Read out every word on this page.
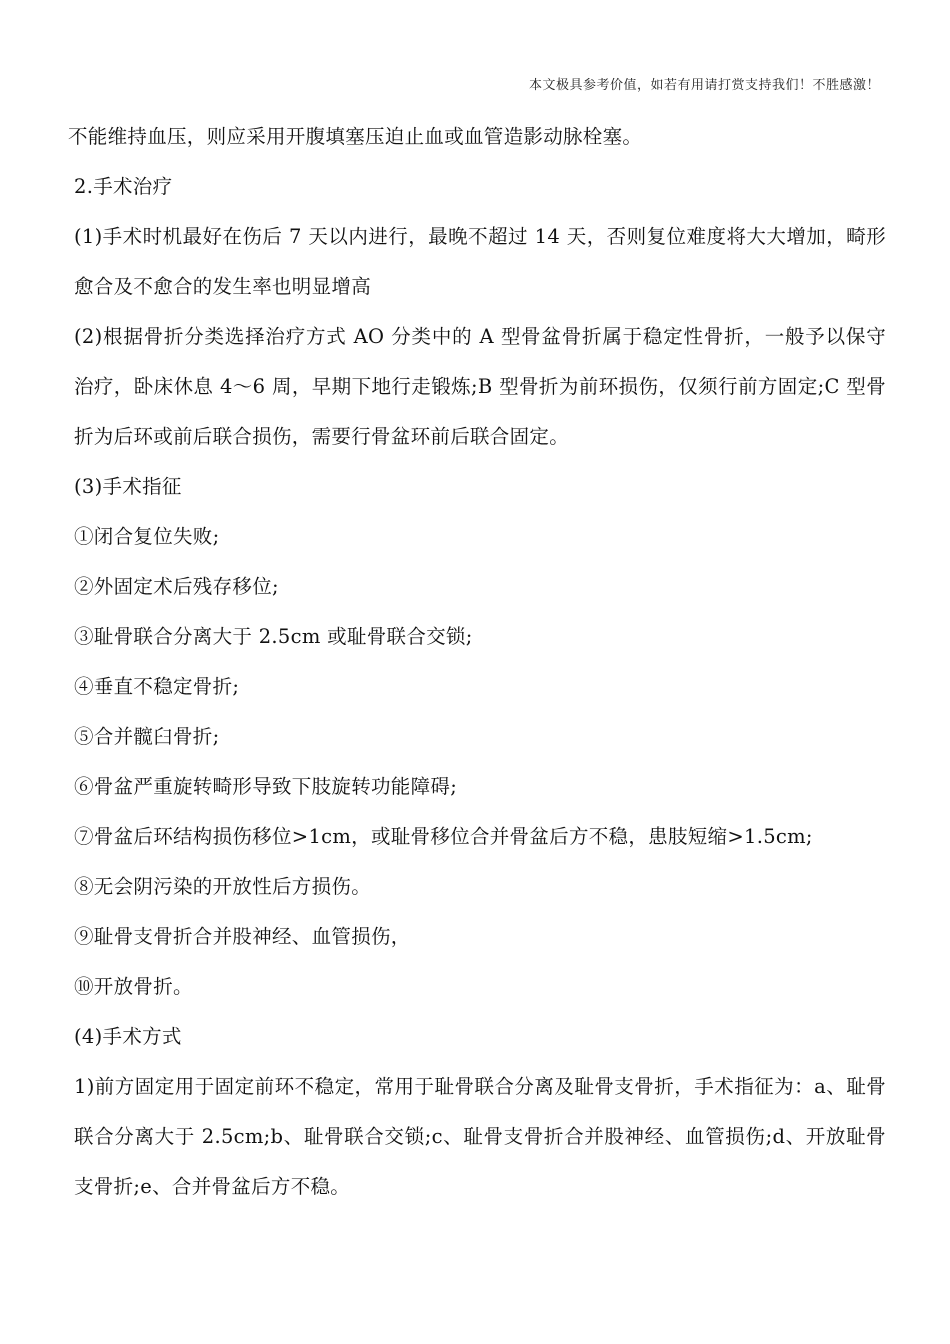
本文极具参考价值，如若有用请打赏支持我们！不胜感激！

不能维持血压，则应采用开腹填塞压迫止血或血管造影动脉栓塞。

2.手术治疗

(1)手术时机最好在伤后 7 天以内进行，最晚不超过 14 天，否则复位难度将大大增加，畸形愈合及不愈合的发生率也明显增高

(2)根据骨折分类选择治疗方式 AO 分类中的 A 型骨盆骨折属于稳定性骨折，一般予以保守治疗，卧床休息 4～6 周，早期下地行走锻炼;B 型骨折为前环损伤，仅须行前方固定;C 型骨折为后环或前后联合损伤，需要行骨盆环前后联合固定。

(3)手术指征

①闭合复位失败;

②外固定术后残存移位;

③耻骨联合分离大于 2.5cm 或耻骨联合交锁;

④垂直不稳定骨折;

⑤合并髋臼骨折;

⑥骨盆严重旋转畸形导致下肢旋转功能障碍;

⑦骨盆后环结构损伤移位>1cm，或耻骨移位合并骨盆后方不稳，患肢短缩>1.5cm;

⑧无会阴污染的开放性后方损伤。

⑨耻骨支骨折合并股神经、血管损伤，

⑩开放骨折。

(4)手术方式

1)前方固定用于固定前环不稳定，常用于耻骨联合分离及耻骨支骨折，手术指征为：a、耻骨联合分离大于 2.5cm;b、耻骨联合交锁;c、耻骨支骨折合并股神经、血管损伤;d、开放耻骨支骨折;e、合并骨盆后方不稳。
